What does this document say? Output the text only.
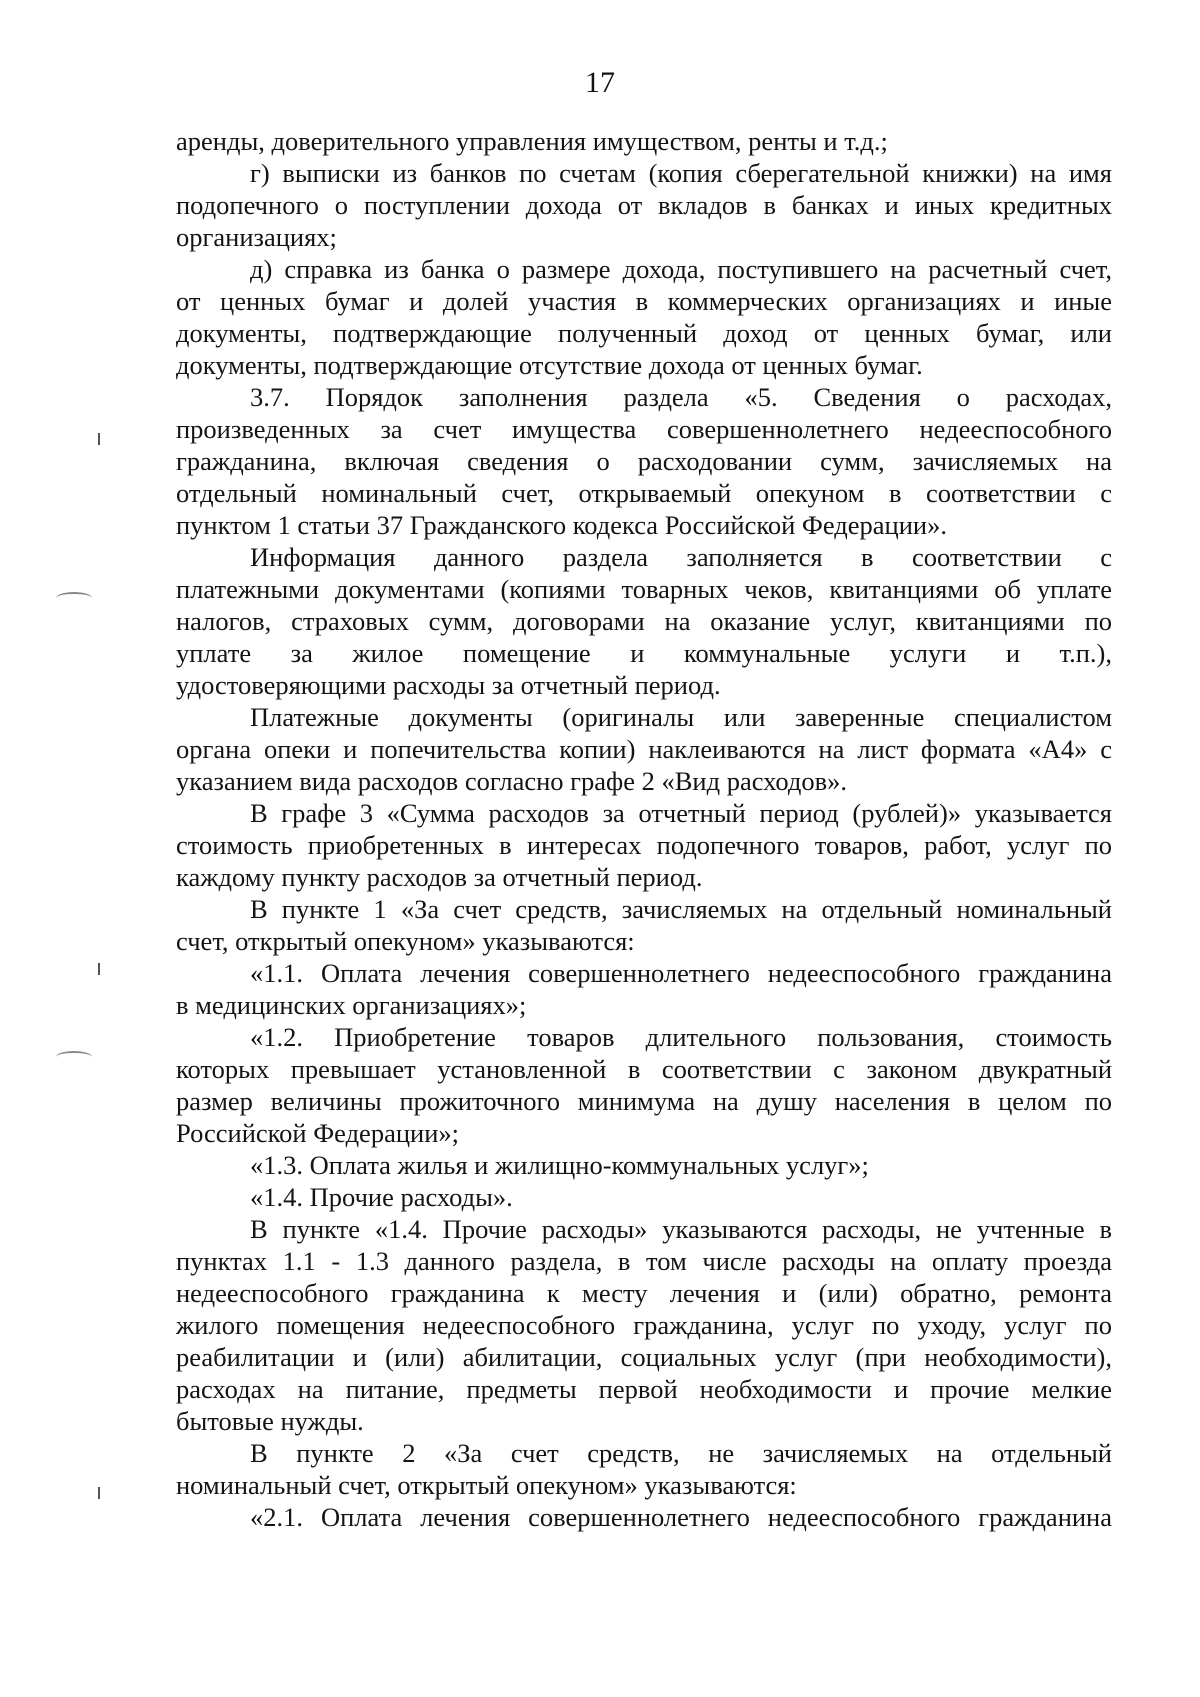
17

аренды, доверительного управления имуществом, ренты и т.д.;

г) выписки из банков по счетам (копия сберегательной книжки) на имя

подопечного о поступлении дохода от вкладов в банках и иных кредитных

организациях;

д) справка из банка о размере дохода, поступившего на расчетный счет,

от ценных бумаг и долей участия в коммерческих организациях и иные

документы, подтверждающие полученный доход от ценных бумаг, или

документы, подтверждающие отсутствие дохода от ценных бумаг.

3.7. Порядок заполнения раздела «5. Сведения о расходах,

произведенных за счет имущества совершеннолетнего недееспособного

гражданина, включая сведения о расходовании сумм, зачисляемых на

отдельный номинальный счет, открываемый опекуном в соответствии с

пунктом 1 статьи 37 Гражданского кодекса Российской Федерации».

Информация данного раздела заполняется в соответствии с

платежными документами (копиями товарных чеков, квитанциями об уплате

налогов, страховых сумм, договорами на оказание услуг, квитанциями по

уплате за жилое помещение и коммунальные услуги и т.п.),

удостоверяющими расходы за отчетный период.

Платежные документы (оригиналы или заверенные специалистом

органа опеки и попечительства копии) наклеиваются на лист формата «А4» с

указанием вида расходов согласно графе 2 «Вид расходов».

В графе 3 «Сумма расходов за отчетный период (рублей)» указывается

стоимость приобретенных в интересах подопечного товаров, работ, услуг по

каждому пункту расходов за отчетный период.

В пункте 1 «За счет средств, зачисляемых на отдельный номинальный

счет, открытый опекуном» указываются:

«1.1. Оплата лечения совершеннолетнего недееспособного гражданина

в медицинских организациях»;

«1.2. Приобретение товаров длительного пользования, стоимость

которых превышает установленной в соответствии с законом двукратный

размер величины прожиточного минимума на душу населения в целом по

Российской Федерации»;

«1.3. Оплата жилья и жилищно-коммунальных услуг»;

«1.4. Прочие расходы».

В пункте «1.4. Прочие расходы» указываются расходы, не учтенные в

пунктах 1.1 - 1.3 данного раздела, в том числе расходы на оплату проезда

недееспособного гражданина к месту лечения и (или) обратно, ремонта

жилого помещения недееспособного гражданина, услуг по уходу, услуг по

реабилитации и (или) абилитации, социальных услуг (при необходимости),

расходах на питание, предметы первой необходимости и прочие мелкие

бытовые нужды.

В пункте 2 «За счет средств, не зачисляемых на отдельный

номинальный счет, открытый опекуном» указываются:

«2.1. Оплата лечения совершеннолетнего недееспособного гражданина
